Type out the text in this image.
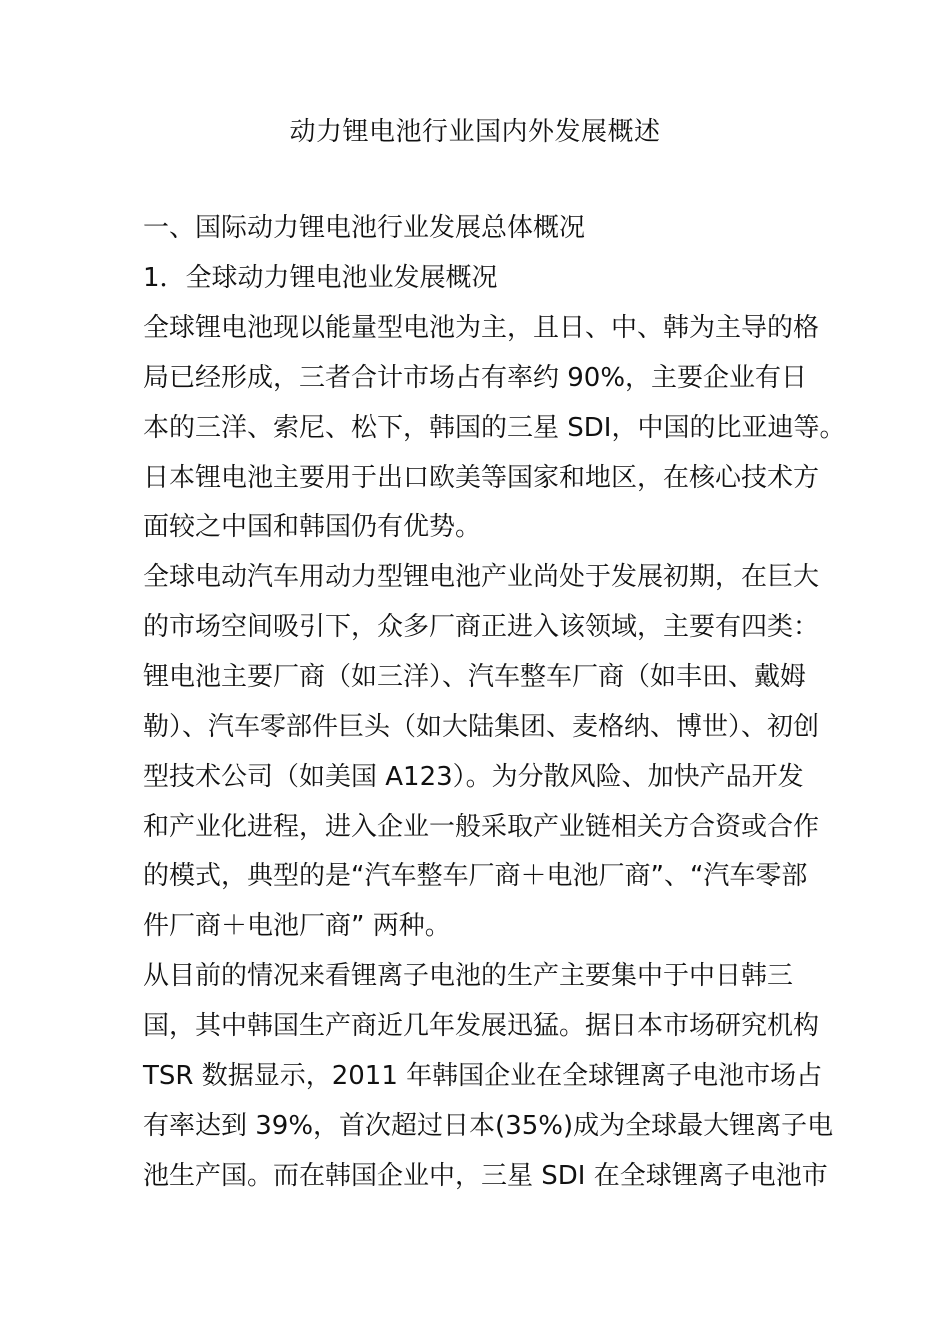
动力锂电池行业国内外发展概述

一、国际动力锂电池行业发展总体概况

1．全球动力锂电池业发展概况

全球锂电池现以能量型电池为主，且日、中、韩为主导的格

局已经形成，三者合计市场占有率约 90%，主要企业有日

本的三洋、索尼、松下，韩国的三星 SDI，中国的比亚迪等。

日本锂电池主要用于出口欧美等国家和地区，在核心技术方

面较之中国和韩国仍有优势。

全球电动汽车用动力型锂电池产业尚处于发展初期，在巨大

的市场空间吸引下，众多厂商正进入该领域，主要有四类：

锂电池主要厂商（如三洋）、汽车整车厂商（如丰田、戴姆

勒）、汽车零部件巨头（如大陆集团、麦格纳、博世）、初创

型技术公司（如美国 A123）。为分散风险、加快产品开发

和产业化进程，进入企业一般采取产业链相关方合资或合作

的模式，典型的是“汽车整车厂商＋电池厂商”、“汽车零部

件厂商＋电池厂商” 两种。

从目前的情况来看锂离子电池的生产主要集中于中日韩三

国，其中韩国生产商近几年发展迅猛。据日本市场研究机构

TSR 数据显示，2011 年韩国企业在全球锂离子电池市场占

有率达到 39%，首次超过日本(35%)成为全球最大锂离子电

池生产国。而在韩国企业中，三星 SDI 在全球锂离子电池市
